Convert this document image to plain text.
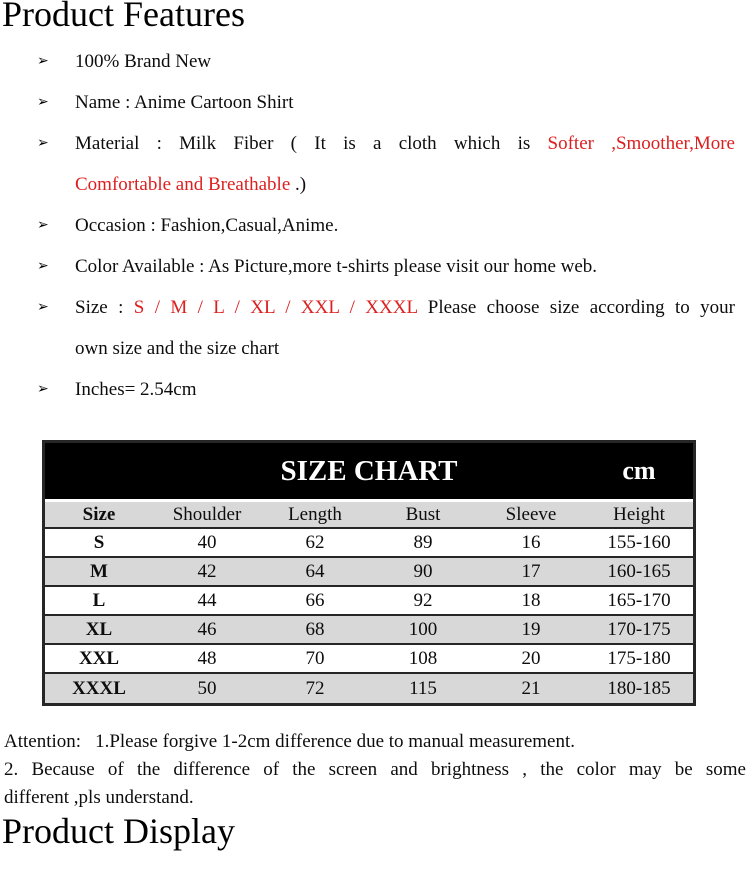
Product Features
➢ 100% Brand New
➢ Name : Anime Cartoon Shirt
➢ Material : Milk Fiber ( It is a cloth which is Softer ,Smoother,More
Comfortable and Breathable .)
➢ Occasion : Fashion,Casual,Anime.
➢ Color Available : As Picture,more t-shirts please visit our home web.
➢ Size : S / M / L / XL / XXL / XXXL Please choose size according to your
own size and the size chart
➢ Inches= 2.54cm
SIZE CHART cm					

Size	Shoulder	Length	Bust	Sleeve	Height
S	40	62	89	16	155-160
M	42	64	90	17	160-165
L	44	66	92	18	165-170
XL	46	68	100	19	170-175
XXL	48	70	108	20	175-180
XXXL	50	72	115	21	180-185
Attention: 1.Please forgive 1-2cm difference due to manual measurement.
2. Because of the difference of the screen and brightness , the color may be some
different ,pls understand.
Product Display
